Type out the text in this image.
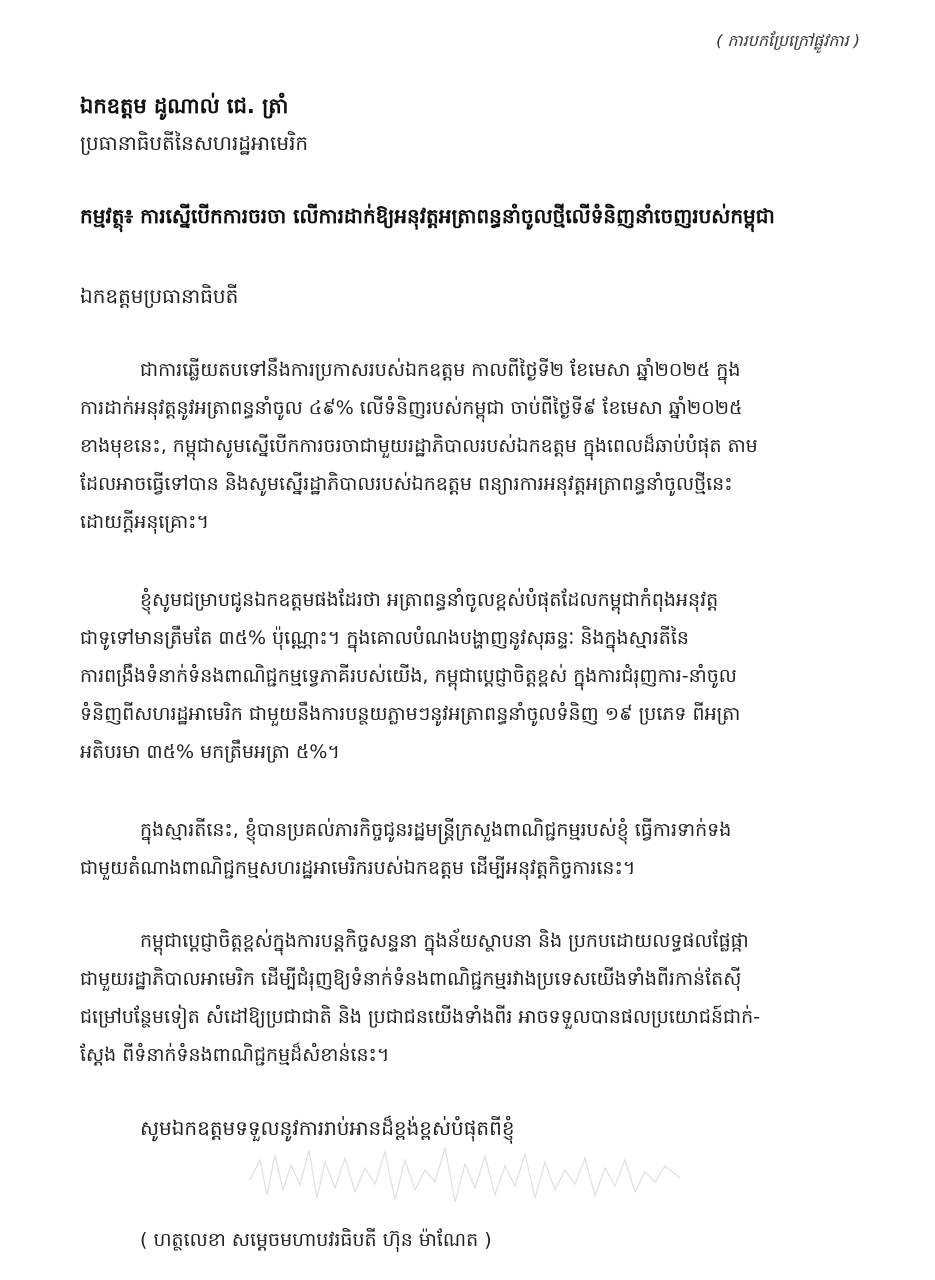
( ការបកប្រែក្រៅផ្លូវការ )
ឯកឧត្តម ដូណាល់ ជេ. ត្រាំ
ប្រធានាធិបតីនៃសហរដ្ឋអាមេរិក
កម្មវត្ថុ៖ ការស្នើបើកការចរចា លើការដាក់ឱ្យអនុវត្តអត្រាពន្ធនាំចូលថ្មីលើទំនិញនាំចេញរបស់កម្ពុជា
ឯកឧត្តមប្រធានាធិបតី
ជាការឆ្លើយតបទៅនឹងការប្រកាសរបស់ឯកឧត្តម កាលពីថ្ងៃទី២ ខែមេសា ឆ្នាំ២០២៥ ក្នុង
ការដាក់អនុវត្តនូវអត្រាពន្ធនាំចូល ៤៩% លើទំនិញរបស់កម្ពុជា ចាប់ពីថ្ងៃទី៩ ខែមេសា ឆ្នាំ២០២៥
ខាងមុខនេះ, កម្ពុជាសូមស្នើបើកការចរចាជាមួយរដ្ឋាភិបាលរបស់ឯកឧត្តម ក្នុងពេលដ៏ឆាប់បំផុត តាម
ដែលអាចធ្វើទៅបាន និងសូមស្នើរដ្ឋាភិបាលរបស់ឯកឧត្តម ពន្យារការអនុវត្តអត្រាពន្ធនាំចូលថ្មីនេះ
ដោយក្តីអនុគ្រោះ។
ខ្ញុំសូមជម្រាបជូនឯកឧត្តមផងដែរថា អត្រាពន្ធនាំចូលខ្ពស់បំផុតដែលកម្ពុជាកំពុងអនុវត្ត
ជាទូទៅមានត្រឹមតែ ៣៥% ប៉ុណ្ណោះ។ ក្នុងគោលបំណងបង្ហាញនូវសុឆន្ទៈ និងក្នុងស្មារតីនៃ
ការពង្រឹងទំនាក់ទំនងពាណិជ្ជកម្មទ្វេភាគីរបស់យើង, កម្ពុជាប្តេជ្ញាចិត្តខ្ពស់ ក្នុងការជំរុញការ-នាំចូល
ទំនិញពីសហរដ្ឋអាមេរិក ជាមួយនឹងការបន្ថយភ្លាមៗនូវអត្រាពន្ធនាំចូលទំនិញ ១៩ ប្រភេទ ពីអត្រា
អតិបរមា ៣៥% មកត្រឹមអត្រា ៥%។
ក្នុងស្មារតីនេះ, ខ្ញុំបានប្រគល់ភារកិច្ចជូនរដ្ឋមន្ត្រីក្រសួងពាណិជ្ជកម្មរបស់ខ្ញុំ ធ្វើការទាក់ទង
ជាមួយតំណាងពាណិជ្ជកម្មសហរដ្ឋអាមេរិករបស់ឯកឧត្តម ដើម្បីអនុវត្តកិច្ចការនេះ។
កម្ពុជាប្តេជ្ញាចិត្តខ្ពស់ក្នុងការបន្តកិច្ចសន្ទនា ក្នុងន័យស្ថាបនា និង ប្រកបដោយលទ្ធផលផ្លែផ្កា
ជាមួយរដ្ឋាភិបាលអាមេរិក ដើម្បីជំរុញឱ្យទំនាក់ទំនងពាណិជ្ជកម្មរវាងប្រទេសយើងទាំងពីរកាន់តែស៊ី
ជម្រៅបន្ថែមទៀត សំដៅឱ្យប្រជាជាតិ និង ប្រជាជនយើងទាំងពីរ អាចទទួលបានផលប្រយោជន៍ជាក់-
ស្តែង ពីទំនាក់ទំនងពាណិជ្ជកម្មដ៏សំខាន់នេះ។
សូមឯកឧត្តមទទួលនូវការរាប់អានដ៏ខ្ពង់ខ្ពស់បំផុតពីខ្ញុំ
( ហត្ថលេខា សម្តេចមហាបវរធិបតី ហ៊ុន ម៉ាណែត )
